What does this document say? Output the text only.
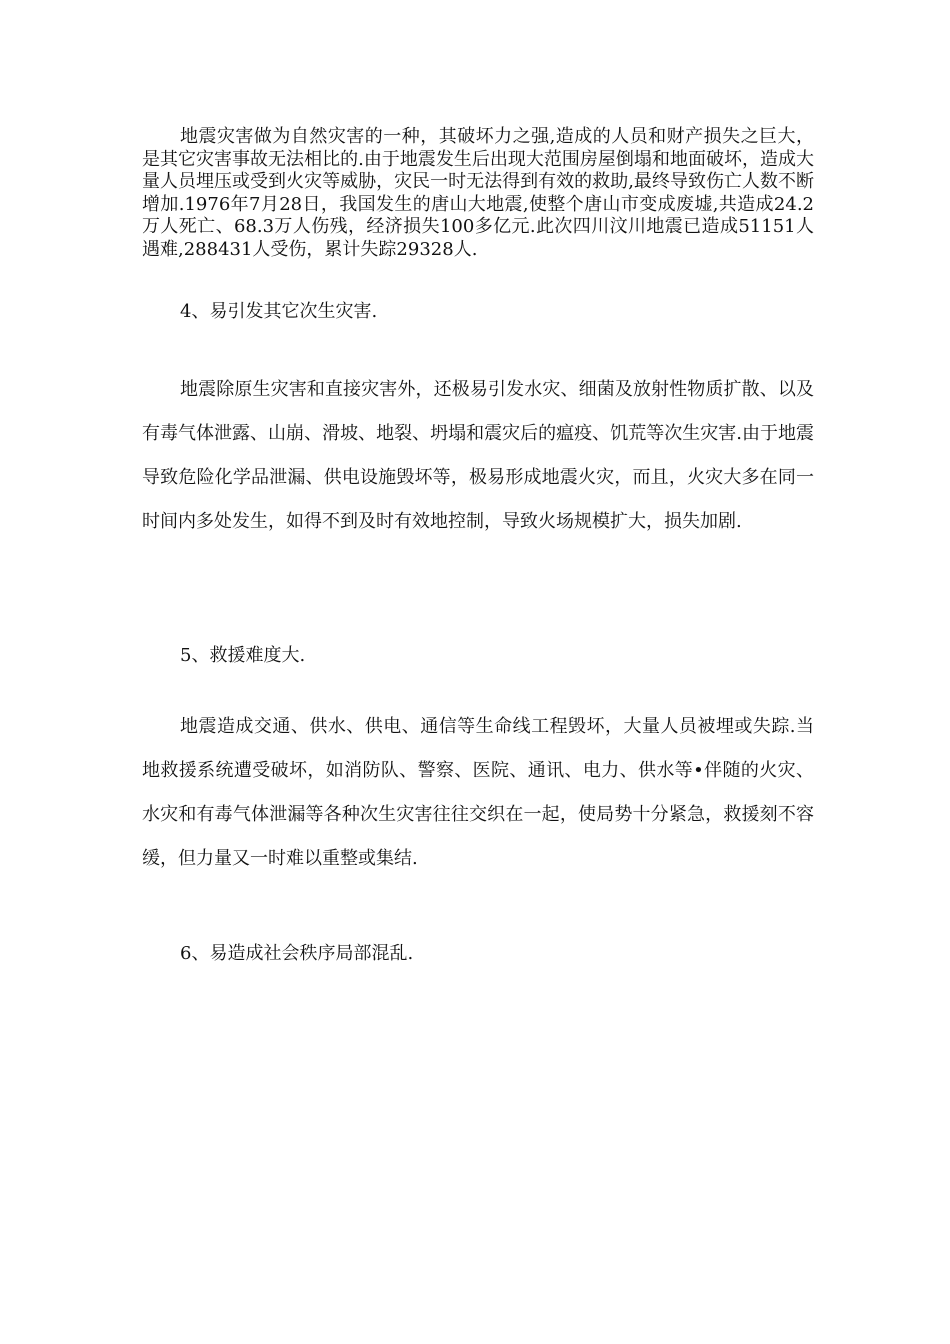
地震灾害做为自然灾害的一种，其破坏力之强,造成的人员和财产损失之巨大，是其它灾害事故无法相比的.由于地震发生后出现大范围房屋倒塌和地面破坏，造成大量人员埋压或受到火灾等威胁，灾民一时无法得到有效的救助,最终导致伤亡人数不断增加.1976年7月28日，我国发生的唐山大地震,使整个唐山市变成废墟,共造成24.2万人死亡、68.3万人伤残，经济损失100多亿元.此次四川汶川地震已造成51151人遇难,288431人受伤，累计失踪29328人.

4、易引发其它次生灾害.

地震除原生灾害和直接灾害外，还极易引发水灾、细菌及放射性物质扩散、以及有毒气体泄露、山崩、滑坡、地裂、坍塌和震灾后的瘟疫、饥荒等次生灾害.由于地震导致危险化学品泄漏、供电设施毁坏等，极易形成地震火灾，而且，火灾大多在同一时间内多处发生，如得不到及时有效地控制，导致火场规模扩大，损失加剧.

5、救援难度大.

地震造成交通、供水、供电、通信等生命线工程毁坏，大量人员被埋或失踪.当地救援系统遭受破坏，如消防队、警察、医院、通讯、电力、供水等•伴随的火灾、水灾和有毒气体泄漏等各种次生灾害往往交织在一起，使局势十分紧急，救援刻不容缓，但力量又一时难以重整或集结.

6、易造成社会秩序局部混乱.
